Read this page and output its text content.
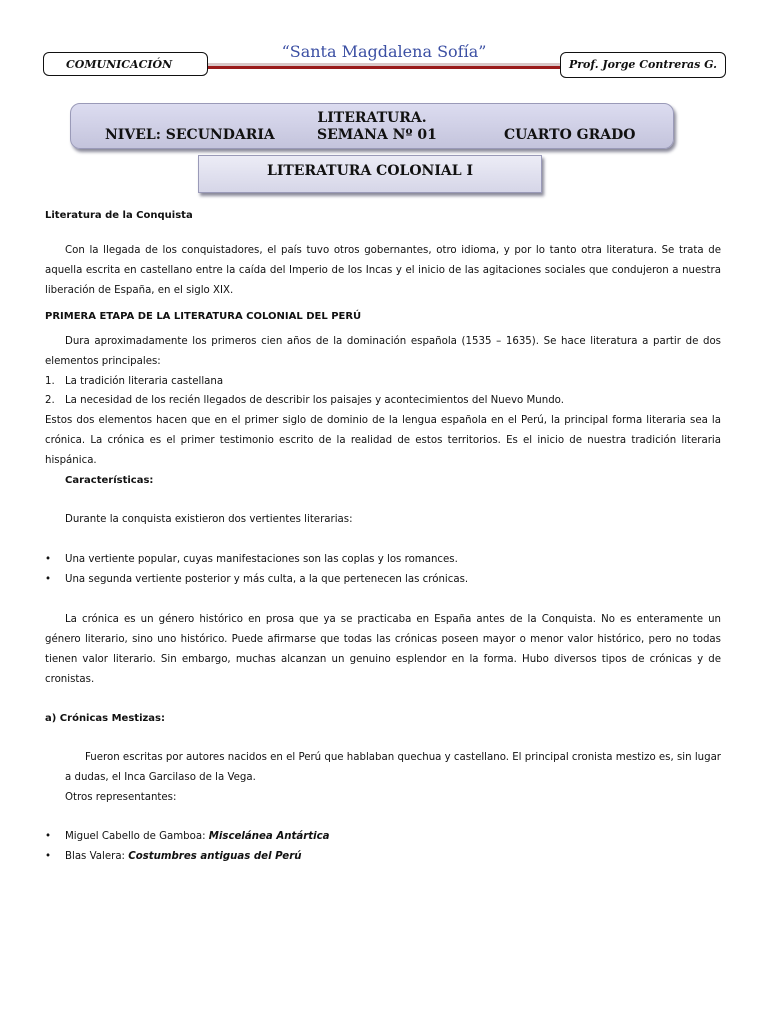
“Santa Magdalena Sofía”
COMUNICACIÓN	Prof. Jorge Contreras G.
LITERATURA.
NIVEL: SECUNDARIA	SEMANA Nº 01	CUARTO GRADO
LITERATURA COLONIAL I
Literatura de la Conquista
Con la llegada de los conquistadores, el país tuvo otros gobernantes, otro idioma, y por lo tanto otra literatura. Se trata de aquella escrita en castellano entre la caída del Imperio de los Incas y el inicio de las agitaciones sociales que condujeron a nuestra liberación de España, en el siglo XIX.
PRIMERA ETAPA DE LA LITERATURA COLONIAL DEL PERÚ
Dura aproximadamente los primeros cien años de la dominación española (1535 – 1635). Se hace literatura a partir de dos elementos principales:
1. La tradición literaria castellana
2. La necesidad de los recién llegados de describir los paisajes y acontecimientos del Nuevo Mundo.
Estos dos elementos hacen que en el primer siglo de dominio de la lengua española en el Perú, la principal forma literaria sea la crónica. La crónica es el primer testimonio escrito de la realidad de estos territorios. Es el inicio de nuestra tradición literaria hispánica.
Características:
Durante la conquista existieron dos vertientes literarias:
• Una vertiente popular, cuyas manifestaciones son las coplas y los romances.
• Una segunda vertiente posterior y más culta, a la que pertenecen las crónicas.
La crónica es un género histórico en prosa que ya se practicaba en España antes de la Conquista. No es enteramente un género literario, sino uno histórico. Puede afirmarse que todas las crónicas poseen mayor o menor valor histórico, pero no todas tienen valor literario. Sin embargo, muchas alcanzan un genuino esplendor en la forma. Hubo diversos tipos de crónicas y de cronistas.
a) Crónicas Mestizas:
Fueron escritas por autores nacidos en el Perú que hablaban quechua y castellano. El principal cronista mestizo es, sin lugar a dudas, el Inca Garcilaso de la Vega.
Otros representantes:
• Miguel Cabello de Gamboa: Miscelánea Antártica
• Blas Valera: Costumbres antiguas del Perú
